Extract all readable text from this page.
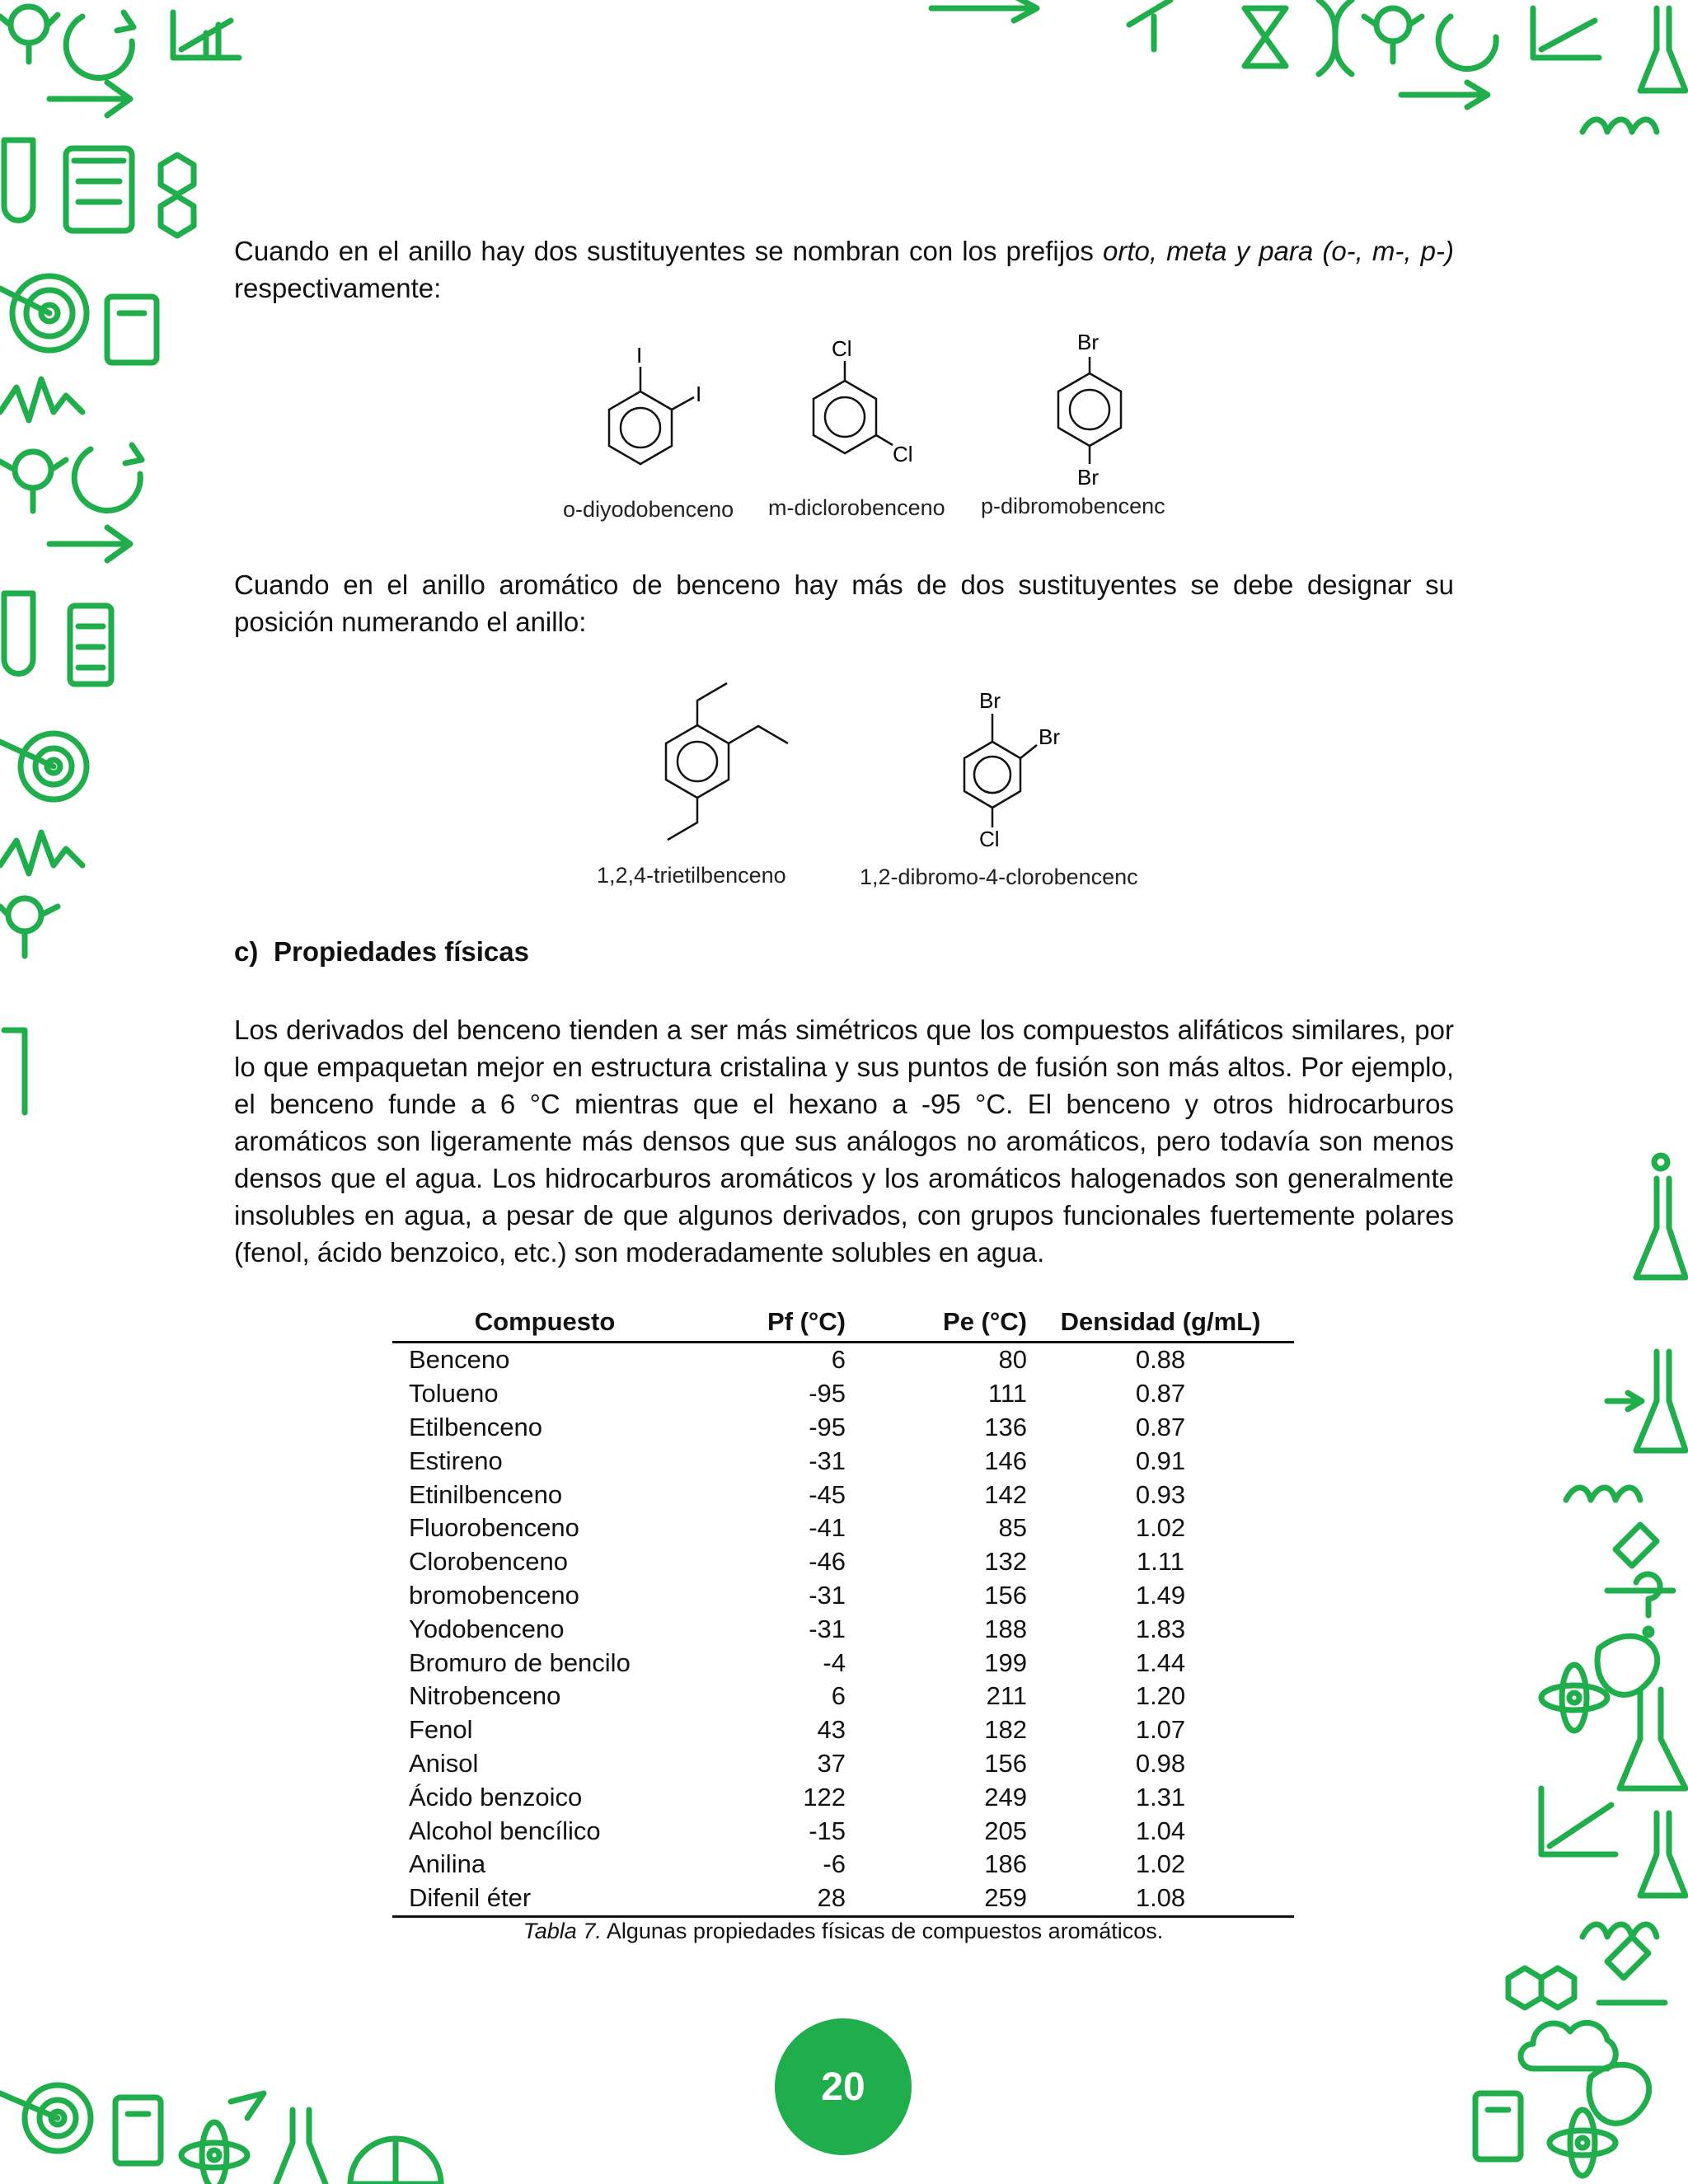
Cuando en el anillo hay dos sustituyentes se nombran con los prefijos orto, meta y para (o-, m-, p-) respectivamente:

I
I
o-diyodobenceno
Cl
Cl
m-diclorobenceno
Br
Br
p-dibromobencenc

Cuando en el anillo aromático de benceno hay más de dos sustituyentes se debe designar su posición numerando el anillo:

1,2,4-trietilbenceno
Br
Br
Cl
1,2-dibromo-4-clorobencenc

c) Propiedades físicas

Los derivados del benceno tienden a ser más simétricos que los compuestos alifáticos similares, por lo que empaquetan mejor en estructura cristalina y sus puntos de fusión son más altos. Por ejemplo, el benceno funde a 6 °C mientras que el hexano a -95 °C. El benceno y otros hidrocarburos aromáticos son ligeramente más densos que sus análogos no aromáticos, pero todavía son menos densos que el agua. Los hidrocarburos aromáticos y los aromáticos halogenados son generalmente insolubles en agua, a pesar de que algunos derivados, con grupos funcionales fuertemente polares (fenol, ácido benzoico, etc.) son moderadamente solubles en agua.

Compuesto	Pf (°C)	Pe (°C)	Densidad (g/mL)
Benceno	6	80	0.88
Tolueno	-95	111	0.87
Etilbenceno	-95	136	0.87
Estireno	-31	146	0.91
Etinilbenceno	-45	142	0.93
Fluorobenceno	-41	85	1.02
Clorobenceno	-46	132	1.11
bromobenceno	-31	156	1.49
Yodobenceno	-31	188	1.83
Bromuro de bencilo	-4	199	1.44
Nitrobenceno	6	211	1.20
Fenol	43	182	1.07
Anisol	37	156	0.98
Ácido benzoico	122	249	1.31
Alcohol bencílico	-15	205	1.04
Anilina	-6	186	1.02
Difenil éter	28	259	1.08
Tabla 7. Algunas propiedades físicas de compuestos aromáticos.
20
